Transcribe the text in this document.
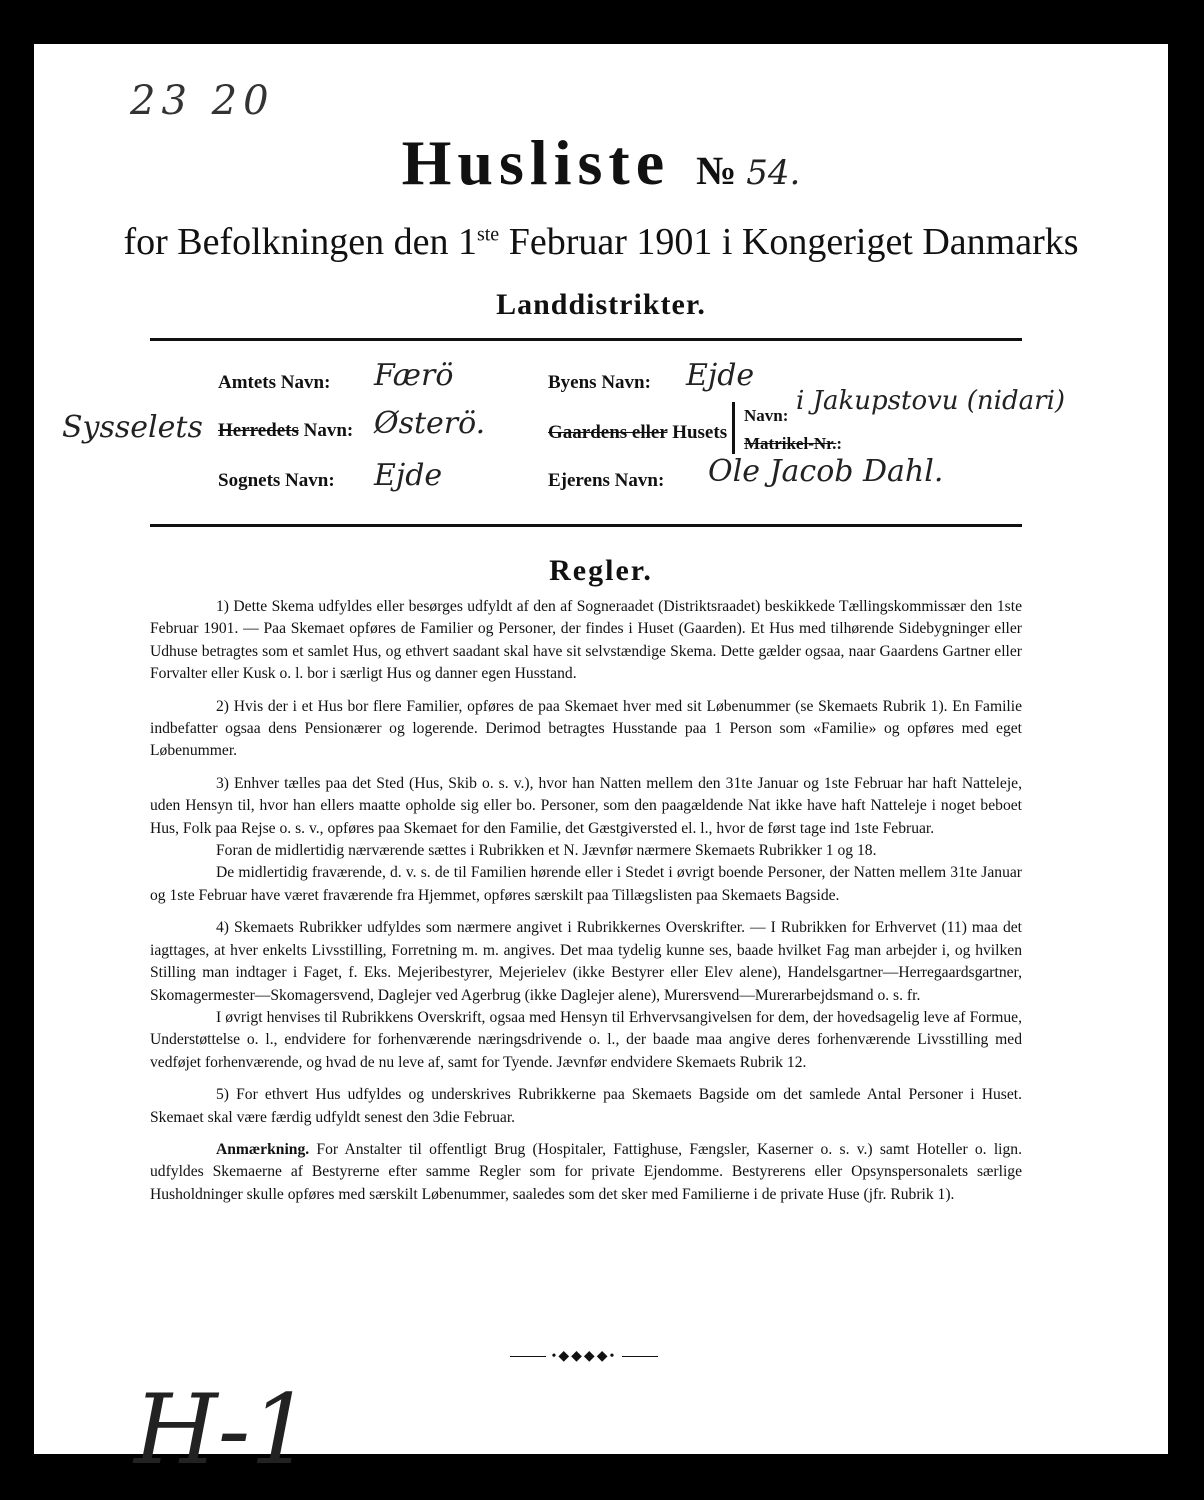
23 20
Husliste № 54.
for Befolkningen den 1ste Februar 1901 i Kongeriget Danmarks
Landdistrikter.
Sysselets
Amtets Navn: Færö
Herredets Navn: Østerö.
Sognets Navn: Ejde
Byens Navn: Ejde
Gaardens eller Husets
Navn: i Jakupstovu (nidari)
Matrikel-Nr.:
Ejerens Navn: Ole Jacob Dahl.
Regler.

1) Dette Skema udfyldes eller besørges udfyldt af den af Sogneraadet (Distriktsraadet) beskikkede Tællingskommissær den 1ste Februar 1901. — Paa Skemaet opføres de Familier og Personer, der findes i Huset (Gaarden). Et Hus med tilhørende Sidebygninger eller Udhuse betragtes som et samlet Hus, og ethvert saadant skal have sit selvstændige Skema. Dette gælder ogsaa, naar Gaardens Gartner eller Forvalter eller Kusk o. l. bor i særligt Hus og danner egen Husstand.

2) Hvis der i et Hus bor flere Familier, opføres de paa Skemaet hver med sit Løbenummer (se Skemaets Rubrik 1). En Familie indbefatter ogsaa dens Pensionærer og logerende. Derimod betragtes Husstande paa 1 Person som «Familie» og opføres med eget Løbenummer.

3) Enhver tælles paa det Sted (Hus, Skib o. s. v.), hvor han Natten mellem den 31te Januar og 1ste Februar har haft Natteleje, uden Hensyn til, hvor han ellers maatte opholde sig eller bo. Personer, som den paagældende Nat ikke have haft Natteleje i noget beboet Hus, Folk paa Rejse o. s. v., opføres paa Skemaet for den Familie, det Gæstgiversted el. l., hvor de først tage ind 1ste Februar.

Foran de midlertidig nærværende sættes i Rubrikken et N. Jævnfør nærmere Skemaets Rubrikker 1 og 18.

De midlertidig fraværende, d. v. s. de til Familien hørende eller i Stedet i øvrigt boende Personer, der Natten mellem 31te Januar og 1ste Februar have været fraværende fra Hjemmet, opføres særskilt paa Tillægslisten paa Skemaets Bagside.

4) Skemaets Rubrikker udfyldes som nærmere angivet i Rubrikkernes Overskrifter. — I Rubrikken for Erhvervet (11) maa det iagttages, at hver enkelts Livsstilling, Forretning m. m. angives. Det maa tydelig kunne ses, baade hvilket Fag man arbejder i, og hvilken Stilling man indtager i Faget, f. Eks. Mejeribestyrer, Mejerielev (ikke Bestyrer eller Elev alene), Handelsgartner—Herregaardsgartner, Skomagermester—Skomagersvend, Daglejer ved Agerbrug (ikke Daglejer alene), Murersvend—Murerarbejdsmand o. s. fr.

I øvrigt henvises til Rubrikkens Overskrift, ogsaa med Hensyn til Erhvervsangivelsen for dem, der hovedsagelig leve af Formue, Understøttelse o. l., endvidere for forhenværende næringsdrivende o. l., der baade maa angive deres forhenværende Livsstilling med vedføjet forhenværende, og hvad de nu leve af, samt for Tyende. Jævnfør endvidere Skemaets Rubrik 12.

5) For ethvert Hus udfyldes og underskrives Rubrikkerne paa Skemaets Bagside om det samlede Antal Personer i Huset. Skemaet skal være færdig udfyldt senest den 3die Februar.

Anmærkning. For Anstalter til offentligt Brug (Hospitaler, Fattighuse, Fængsler, Kaserner o. s. v.) samt Hoteller o. lign. udfyldes Skemaerne af Bestyrerne efter samme Regler som for private Ejendomme. Bestyrerens eller Opsynspersonalets særlige Husholdninger skulle opføres med særskilt Løbenummer, saaledes som det sker med Familierne i de private Huse (jfr. Rubrik 1).

•◆◆◆◆•
H-1
